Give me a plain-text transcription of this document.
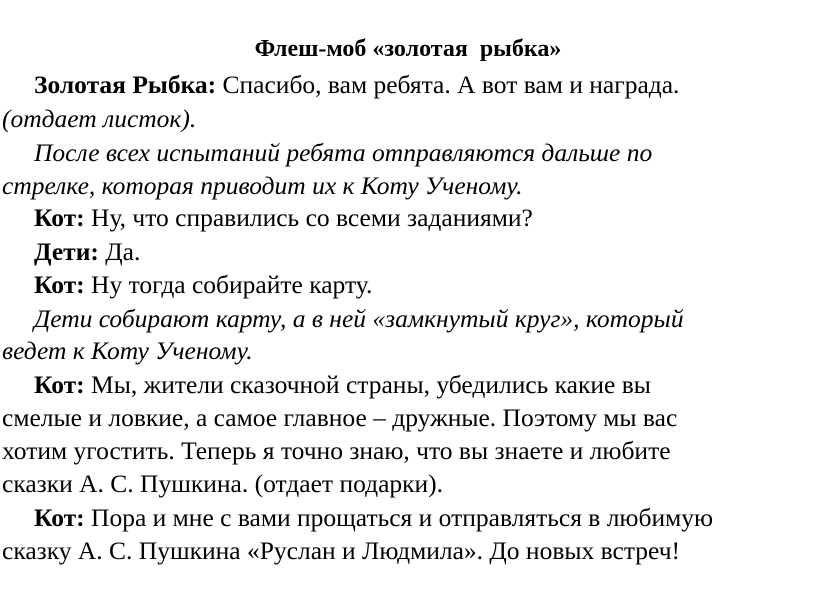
Флеш-моб «золотая  рыбка»
Золотая Рыбка: Спасибо, вам ребята. А вот вам и награда.
(отдает листок).
После всех испытаний ребята отправляются дальше по
стрелке, которая приводит их к Коту Ученому.
Кот: Ну, что справились со всеми заданиями?
Дети: Да.
Кот: Ну тогда собирайте карту.
Дети собирают карту, а в ней «замкнутый круг», который
ведет к Коту Ученому.
Кот: Мы, жители сказочной страны, убедились какие вы
смелые и ловкие, а самое главное – дружные. Поэтому мы вас
хотим угостить. Теперь я точно знаю, что вы знаете и любите
сказки А. С. Пушкина. (отдает подарки).
Кот: Пора и мне с вами прощаться и отправляться в любимую
сказку А. С. Пушкина «Руслан и Людмила». До новых встреч!
